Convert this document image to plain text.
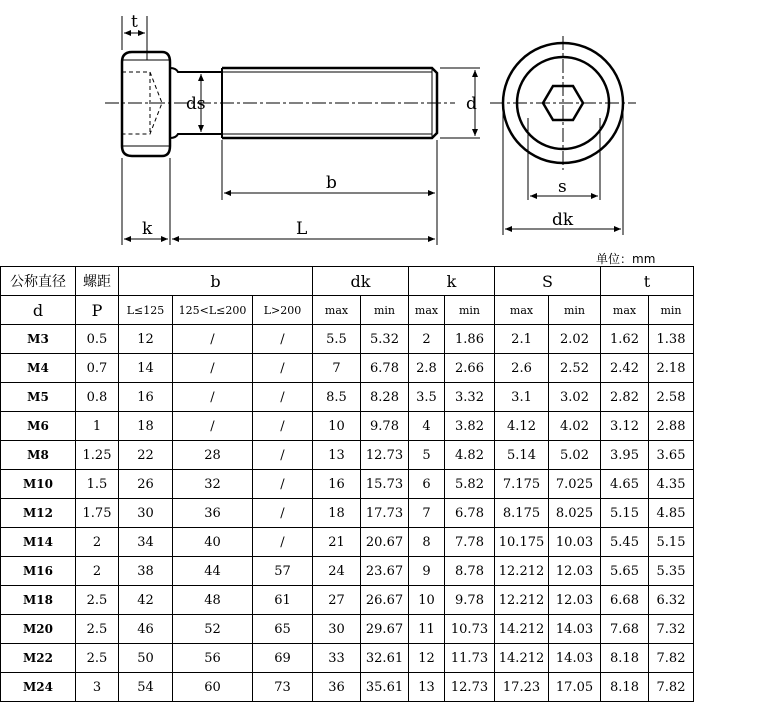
ds	d
t
b
k	L
s
dk
单位：mm
公称直径	螺距	b			dk		k		S		t	
d	P	L≤125	125<L≤200	L>200	max	min	max	min	max	min	max	min
M3	0.5	12	/	/	5.5	5.32	2	1.86	2.1	2.02	1.62	1.38
M4	0.7	14	/	/	7	6.78	2.8	2.66	2.6	2.52	2.42	2.18
M5	0.8	16	/	/	8.5	8.28	3.5	3.32	3.1	3.02	2.82	2.58
M6	1	18	/	/	10	9.78	4	3.82	4.12	4.02	3.12	2.88
M8	1.25	22	28	/	13	12.73	5	4.82	5.14	5.02	3.95	3.65
M10	1.5	26	32	/	16	15.73	6	5.82	7.175	7.025	4.65	4.35
M12	1.75	30	36	/	18	17.73	7	6.78	8.175	8.025	5.15	4.85
M14	2	34	40	/	21	20.67	8	7.78	10.175	10.03	5.45	5.15
M16	2	38	44	57	24	23.67	9	8.78	12.212	12.03	5.65	5.35
M18	2.5	42	48	61	27	26.67	10	9.78	12.212	12.03	6.68	6.32
M20	2.5	46	52	65	30	29.67	11	10.73	14.212	14.03	7.68	7.32
M22	2.5	50	56	69	33	32.61	12	11.73	14.212	14.03	8.18	7.82
M24	3	54	60	73	36	35.61	13	12.73	17.23	17.05	8.18	7.82
